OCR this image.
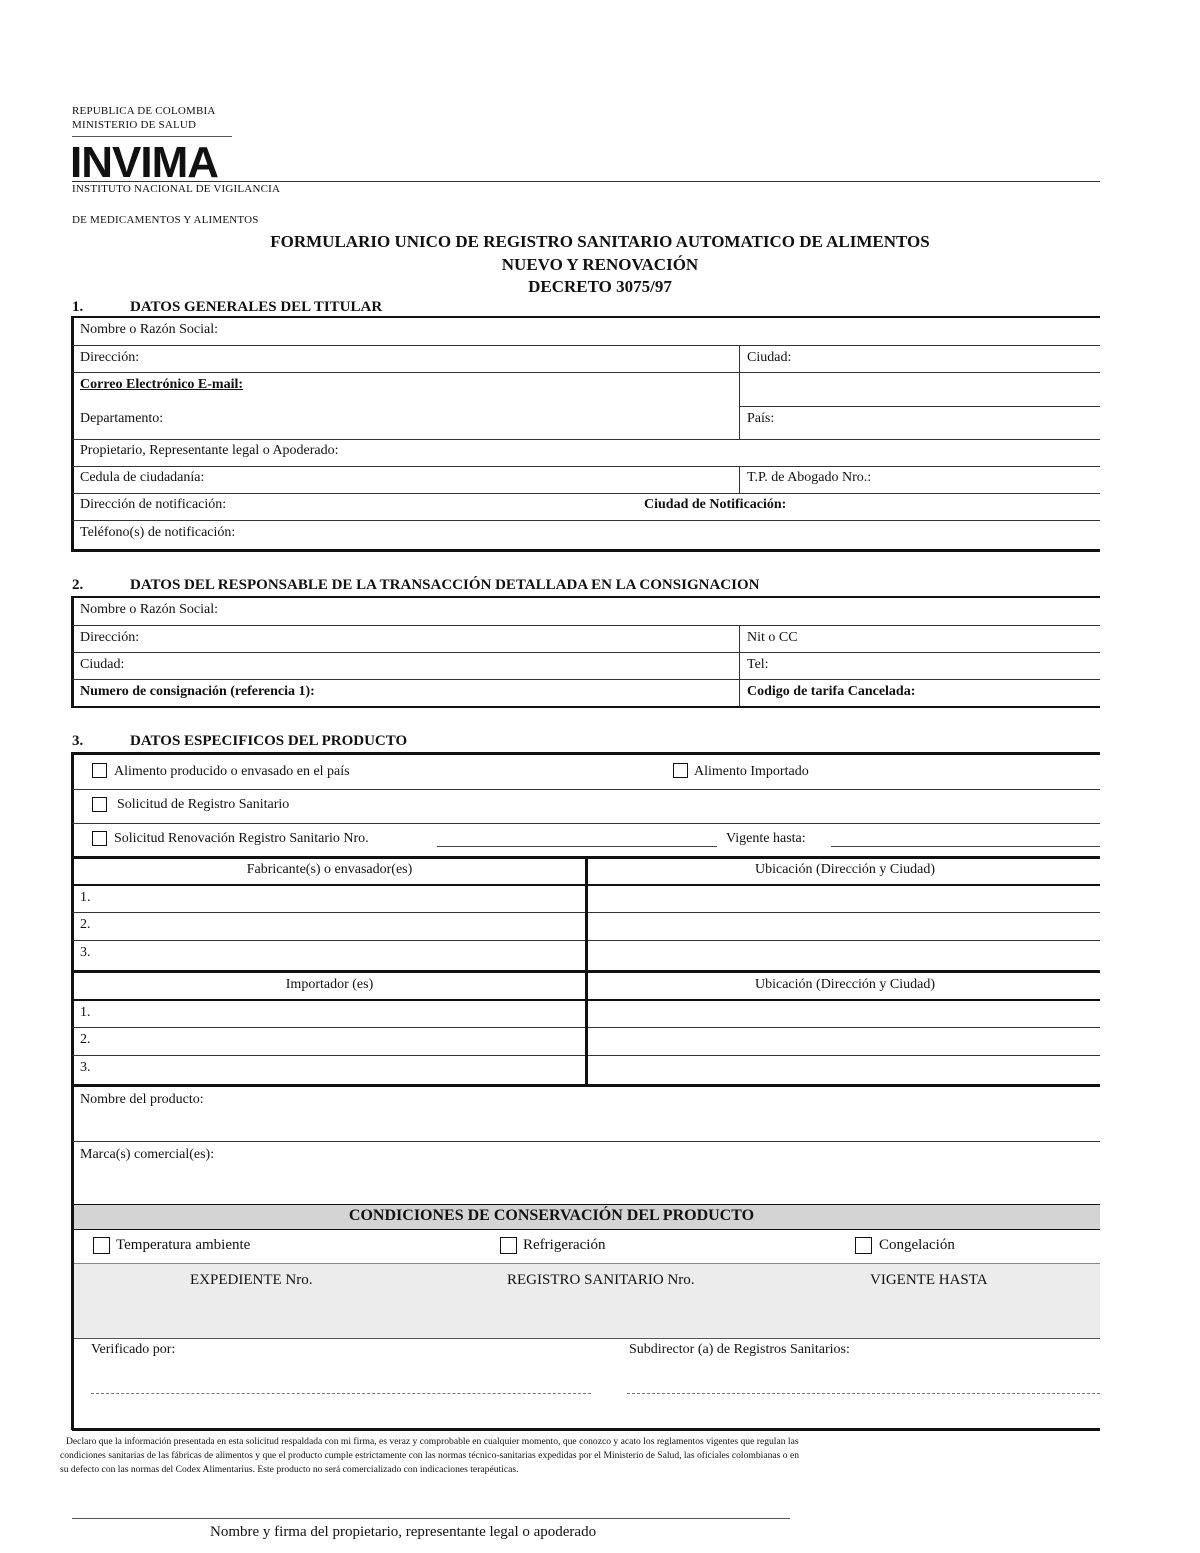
REPUBLICA DE COLOMBIA
MINISTERIO DE SALUD
INVIMA
INSTITUTO NACIONAL DE VIGILANCIA
DE MEDICAMENTOS Y ALIMENTOS
FORMULARIO UNICO DE REGISTRO SANITARIO AUTOMATICO DE ALIMENTOS
NUEVO Y RENOVACIÓN
DECRETO 3075/97
1.	DATOS GENERALES DEL TITULAR
Nombre o Razón Social:
Dirección:	Ciudad:
Correo Electrónico E-mail:
Departamento:	País:
Propietario, Representante legal o Apoderado:
Cedula de ciudadanía:	T.P. de Abogado Nro.:
Dirección de notificación:	Ciudad de Notificación:
Teléfono(s) de notificación:
2.	DATOS DEL RESPONSABLE DE LA TRANSACCIÓN DETALLADA EN LA CONSIGNACION
Nombre o Razón Social:
Dirección:	Nit o CC
Ciudad:	Tel:
Numero de consignación (referencia 1):	Codigo de tarifa Cancelada:
3.	DATOS ESPECIFICOS DEL PRODUCTO
Alimento producido o envasado en el país	Alimento Importado
Solicitud de Registro Sanitario
Solicitud Renovación Registro Sanitario Nro.	Vigente hasta:
Fabricante(s) o envasador(es)	Ubicación (Dirección y Ciudad)
1.
2.
3.
Importador (es)	Ubicación (Dirección y Ciudad)
1.
2.
3.
Nombre del producto:
Marca(s) comercial(es):
CONDICIONES DE CONSERVACIÓN DEL PRODUCTO
Temperatura ambiente	Refrigeración	Congelación
EXPEDIENTE Nro.	REGISTRO SANITARIO Nro.	VIGENTE HASTA
Verificado por:	Subdirector (a) de Registros Sanitarios:
Declaro que la información presentada en esta solicitud respaldada con mi firma, es veraz y comprobable en cualquier momento, que conozco y acato los reglamentos vigentes que regulan las
condiciones sanitarias de las fábricas de alimentos y que el producto cumple estrictamente con las normas técnico-sanitarias expedidas por el Ministerio de Salud, las oficiales colombianas o en
su defecto con las normas del Codex Alimentarius. Este producto no será comercializado con indicaciones terapéuticas.
Nombre y firma del propietario, representante legal o apoderado
